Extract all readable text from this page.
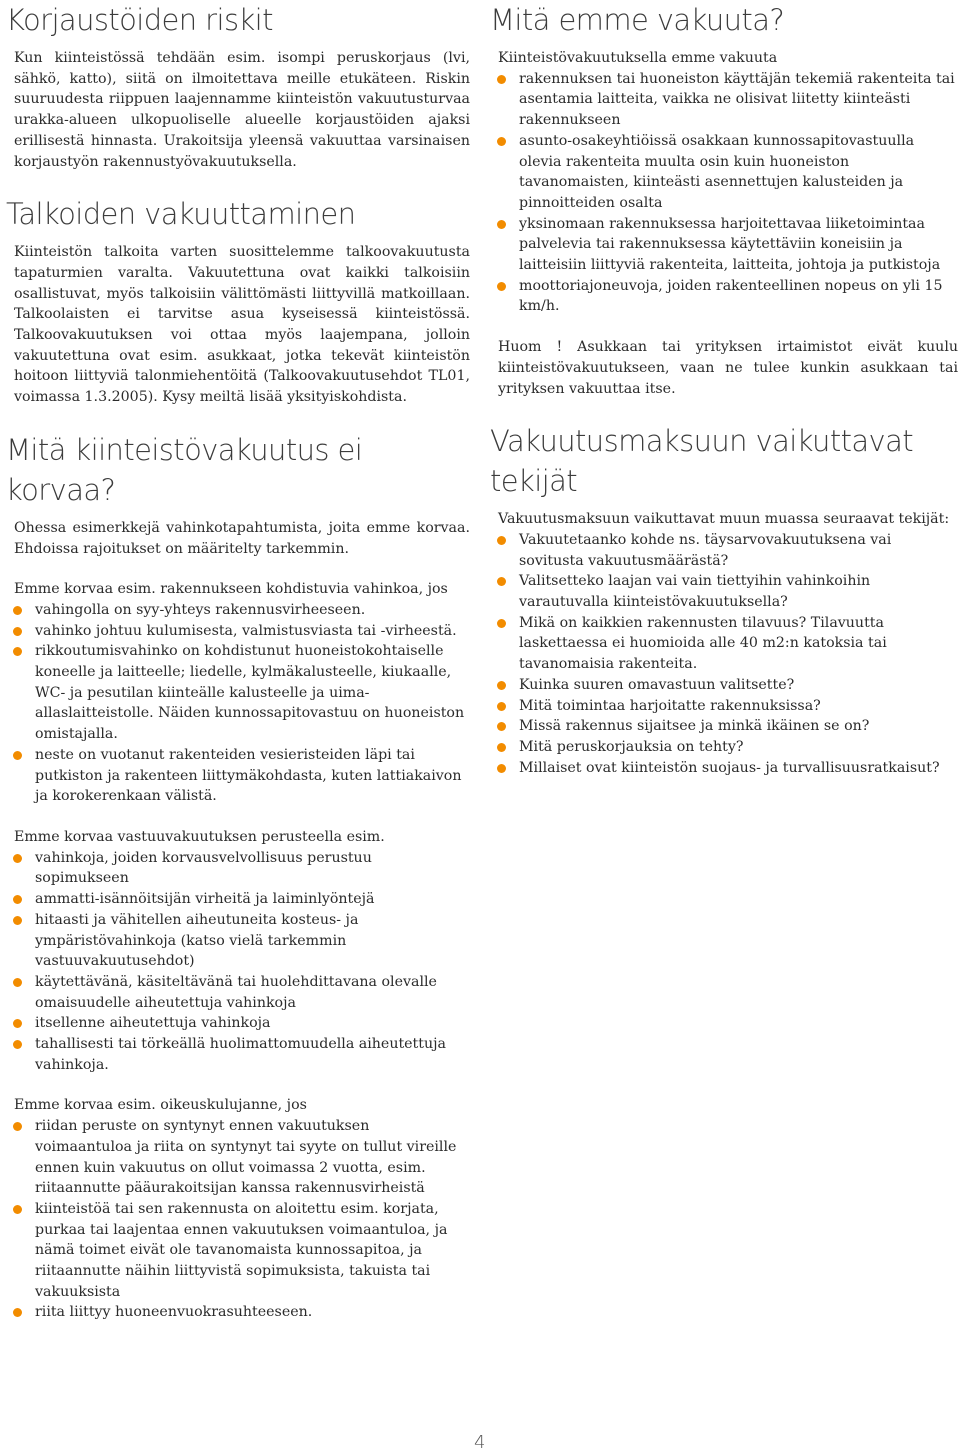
Korjaustöiden riskit

Kun kiinteistössä tehdään esim. isompi peruskorjaus (lvi, sähkö, katto), siitä on ilmoitettava meille etukäteen. Riskin suuruudesta riippuen laajennamme kiinteistön vakuutusturvaa urakka-alueen ulkopuoliselle alueelle korjaustöiden ajaksi erillisestä hinnasta. Urakoitsija yleensä vakuuttaa varsinaisen korjaustyön rakennustyövakuutuksella.

Talkoiden vakuuttaminen

Kiinteistön talkoita varten suosittelemme talkoovakuutusta tapaturmien varalta. Vakuutettuna ovat kaikki talkoisiin osallistuvat, myös talkoisiin välittömästi liittyvillä matkoillaan. Talkoolaisten ei tarvitse asua kyseisessä kiinteistössä. Talkoovakuutuksen voi ottaa myös laajempana, jolloin vakuutettuna ovat esim. asukkaat, jotka tekevät kiinteistön hoitoon liittyviä talonmiehentöitä (Talkoovakuutusehdot TL01, voimassa 1.3.2005). Kysy meiltä lisää yksityiskohdista.

Mitä kiinteistövakuutus ei korvaa?

Ohessa esimerkkejä vahinkotapahtumista, joita emme korvaa. Ehdoissa rajoitukset on määritelty tarkemmin.

Emme korvaa esim. rakennukseen kohdistuvia vahinkoa, jos

vahingolla on syy-yhteys rakennusvirheeseen.
vahinko johtuu kulumisesta, valmistusviasta tai -virheestä.
rikkoutumisvahinko on kohdistunut huoneistokohtaiselle koneelle ja laitteelle; liedelle, kylmäkalusteelle, kiukaalle, WC- ja pesutilan kiinteälle kalusteelle ja uima-allaslaitteistolle. Näiden kunnossapitovastuu on huoneiston omistajalla.
neste on vuotanut rakenteiden vesieristeiden läpi tai putkiston ja rakenteen liittymäkohdasta, kuten lattiakaivon ja korokerenkaan välistä.

Emme korvaa vastuuvakuutuksen perusteella esim.

vahinkoja, joiden korvausvelvollisuus perustuu sopimukseen
ammatti-isännöitsijän virheitä ja laiminlyöntejä
hitaasti ja vähitellen aiheutuneita kosteus- ja ympäristövahinkoja (katso vielä tarkemmin vastuuvakuutusehdot)
käytettävänä, käsiteltävänä tai huolehdittavana olevalle omaisuudelle aiheutettuja vahinkoja
itsellenne aiheutettuja vahinkoja
tahallisesti tai törkeällä huolimattomuudella aiheutettuja vahinkoja.

Emme korvaa esim. oikeuskulujanne, jos

riidan peruste on syntynyt ennen vakuutuksen voimaantuloa ja riita on syntynyt tai syyte on tullut vireille ennen kuin vakuutus on ollut voimassa 2 vuotta, esim. riitaannutte pääurakoitsijan kanssa rakennusvirheistä
kiinteistöä tai sen rakennusta on aloitettu esim. korjata, purkaa tai laajentaa ennen vakuutuksen voimaantuloa, ja nämä toimet eivät ole tavanomaista kunnossapitoa, ja riitaannutte näihin liittyvistä sopimuksista, takuista tai vakuuksista
riita liittyy huoneenvuokrasuhteeseen.
Mitä emme vakuuta?

Kiinteistövakuutuksella emme vakuuta

rakennuksen tai huoneiston käyttäjän tekemiä rakenteita tai asentamia laitteita, vaikka ne olisivat liitetty kiinteästi rakennukseen
asunto-osakeyhtiöissä osakkaan kunnossapitovastuulla olevia rakenteita muulta osin kuin huoneiston tavanomaisten, kiinteästi asennettujen kalusteiden ja pinnoitteiden osalta
yksinomaan rakennuksessa harjoitettavaa liiketoimintaa palvelevia tai rakennuksessa käytettäviin koneisiin ja laitteisiin liittyviä rakenteita, laitteita, johtoja ja putkistoja
moottoriajoneuvoja, joiden rakenteellinen nopeus on yli 15 km/h.

Huom ! Asukkaan tai yrityksen irtaimistot eivät kuulu kiinteistövakuutukseen, vaan ne tulee kunkin asukkaan tai yrityksen vakuuttaa itse.

Vakuutusmaksuun vaikuttavat tekijät

Vakuutusmaksuun vaikuttavat muun muassa seuraavat tekijät:

Vakuutetaanko kohde ns. täysarvovakuutuksena vai sovitusta vakuutusmäärästä?
Valitsetteko laajan vai vain tiettyihin vahinkoihin varautuvalla kiinteistövakuutuksella?
Mikä on kaikkien rakennusten tilavuus? Tilavuutta laskettaessa ei huomioida alle 40 m2:n katoksia tai tavanomaisia rakenteita.
Kuinka suuren omavastuun valitsette?
Mitä toimintaa harjoitatte rakennuksissa?
Missä rakennus sijaitsee ja minkä ikäinen se on?
Mitä peruskorjauksia on tehty?
Millaiset ovat kiinteistön suojaus- ja turvallisuusratkaisut?
4
